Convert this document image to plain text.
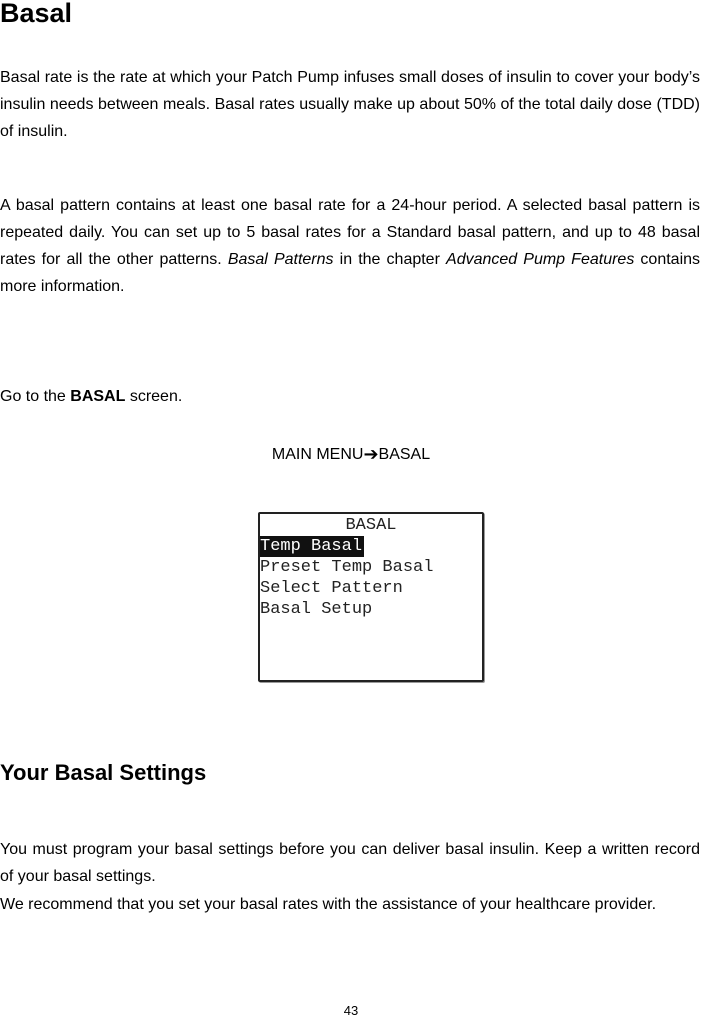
Basal

Basal rate is the rate at which your Patch Pump infuses small doses of insulin to cover your body’s insulin needs between meals. Basal rates usually make up about 50% of the total daily dose (TDD) of insulin.

A basal pattern contains at least one basal rate for a 24-hour period. A selected basal pattern is repeated daily. You can set up to 5 basal rates for a Standard basal pattern, and up to 48 basal rates for all the other patterns. Basal Patterns in the chapter Advanced Pump Features contains more information.

Go to the BASAL screen.

MAIN MENU➔BASAL
BASAL
Temp Basal
Preset Temp Basal
Select Pattern
Basal Setup
Your Basal Settings

You must program your basal settings before you can deliver basal insulin. Keep a written record of your basal settings.

We recommend that you set your basal rates with the assistance of your healthcare provider.

43
